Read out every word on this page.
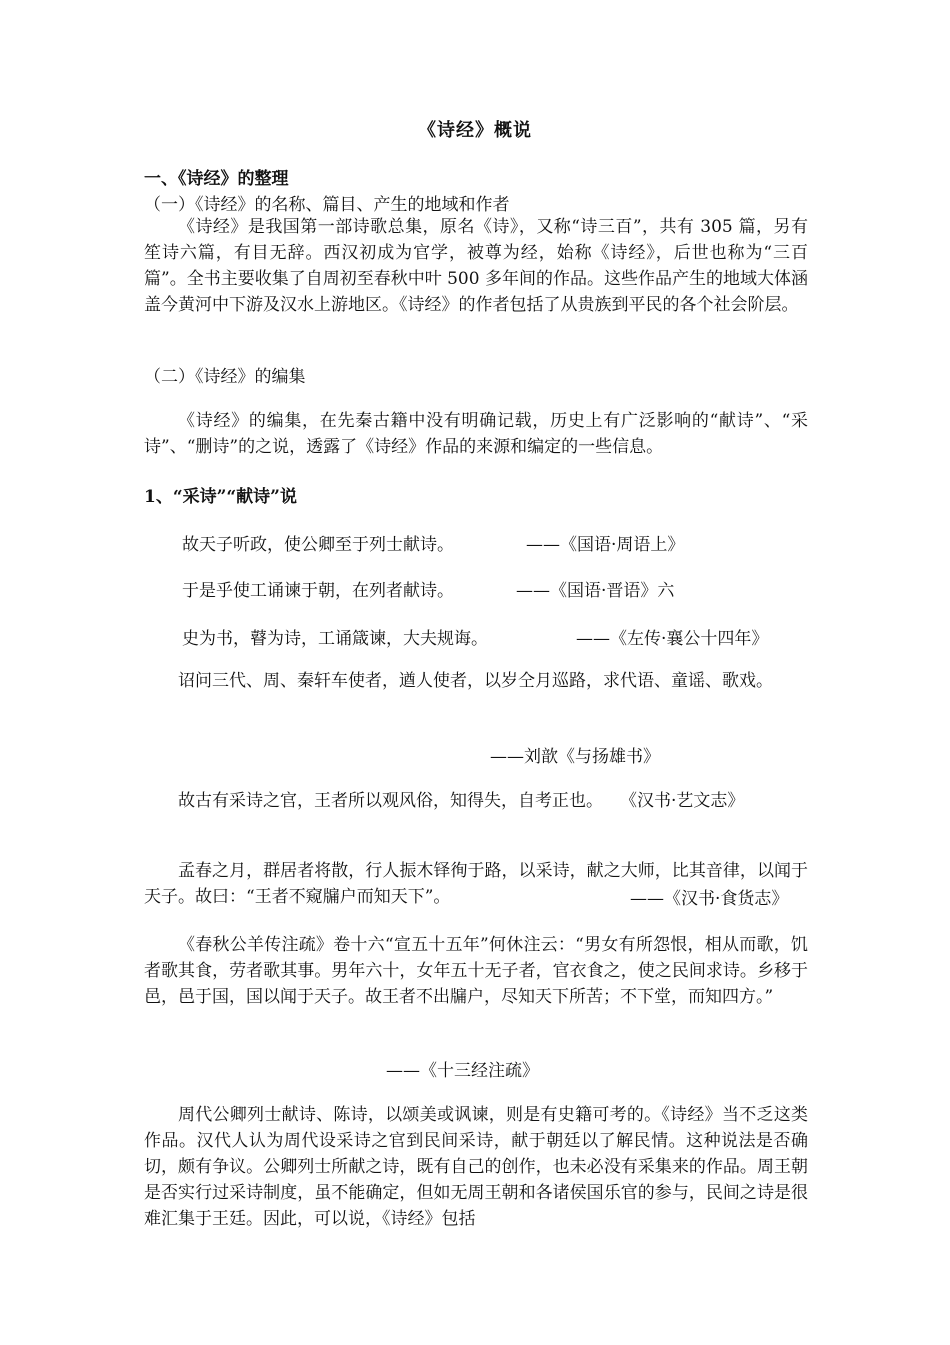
《诗经》概说
一、《诗经》的整理
（一）《诗经》的名称、篇目、产生的地域和作者

《诗经》是我国第一部诗歌总集，原名《诗》，又称“诗三百”，共有 305 篇，另有笙诗六篇，有目无辞。西汉初成为官学，被尊为经，始称《诗经》，后世也称为“三百篇”。全书主要收集了自周初至春秋中叶 500 多年间的作品。这些作品产生的地域大体涵盖今黄河中下游及汉水上游地区。《诗经》的作者包括了从贵族到平民的各个社会阶层。

（二）《诗经》的编集

《诗经》的编集，在先秦古籍中没有明确记载，历史上有广泛影响的“献诗”、“采诗”、“删诗”的之说，透露了《诗经》作品的来源和编定的一些信息。

1、“采诗”“献诗”说
故天子听政，使公卿至于列士献诗。	——《国语·周语上》
于是乎使工诵谏于朝，在列者献诗。	——《国语·晋语》六
史为书，瞽为诗，工诵箴谏，大夫规诲。	——《左传·襄公十四年》

诏问三代、周、秦轩车使者，遒人使者，以岁仝月巡路，求代语、童谣、歌戏。

——刘歆《与扬雄书》

故古有采诗之官，王者所以观风俗，知得失，自考正也。　　《汉书·艺文志》

孟春之月，群居者将散，行人振木铎徇于路，以采诗，献之大师，比其音律，以闻于天子。故曰：“王者不窥牖户而知天下”。	——《汉书·食货志》

《春秋公羊传注疏》卷十六“宣五十五年”何休注云：“男女有所怨恨，相从而歌，饥者歌其食，劳者歌其事。男年六十，女年五十无子者，官衣食之，使之民间求诗。乡移于邑，邑于国，国以闻于天子。故王者不出牖户，尽知天下所苦；不下堂，而知四方。”

——《十三经注疏》

周代公卿列士献诗、陈诗，以颂美或讽谏，则是有史籍可考的。《诗经》当不乏这类作品。汉代人认为周代设采诗之官到民间采诗，献于朝廷以了解民情。这种说法是否确切，颇有争议。公卿列士所献之诗，既有自己的创作，也未必没有采集来的作品。周王朝是否实行过采诗制度，虽不能确定，但如无周王朝和各诸侯国乐官的参与，民间之诗是很难汇集于王廷。因此，可以说，《诗经》包括
